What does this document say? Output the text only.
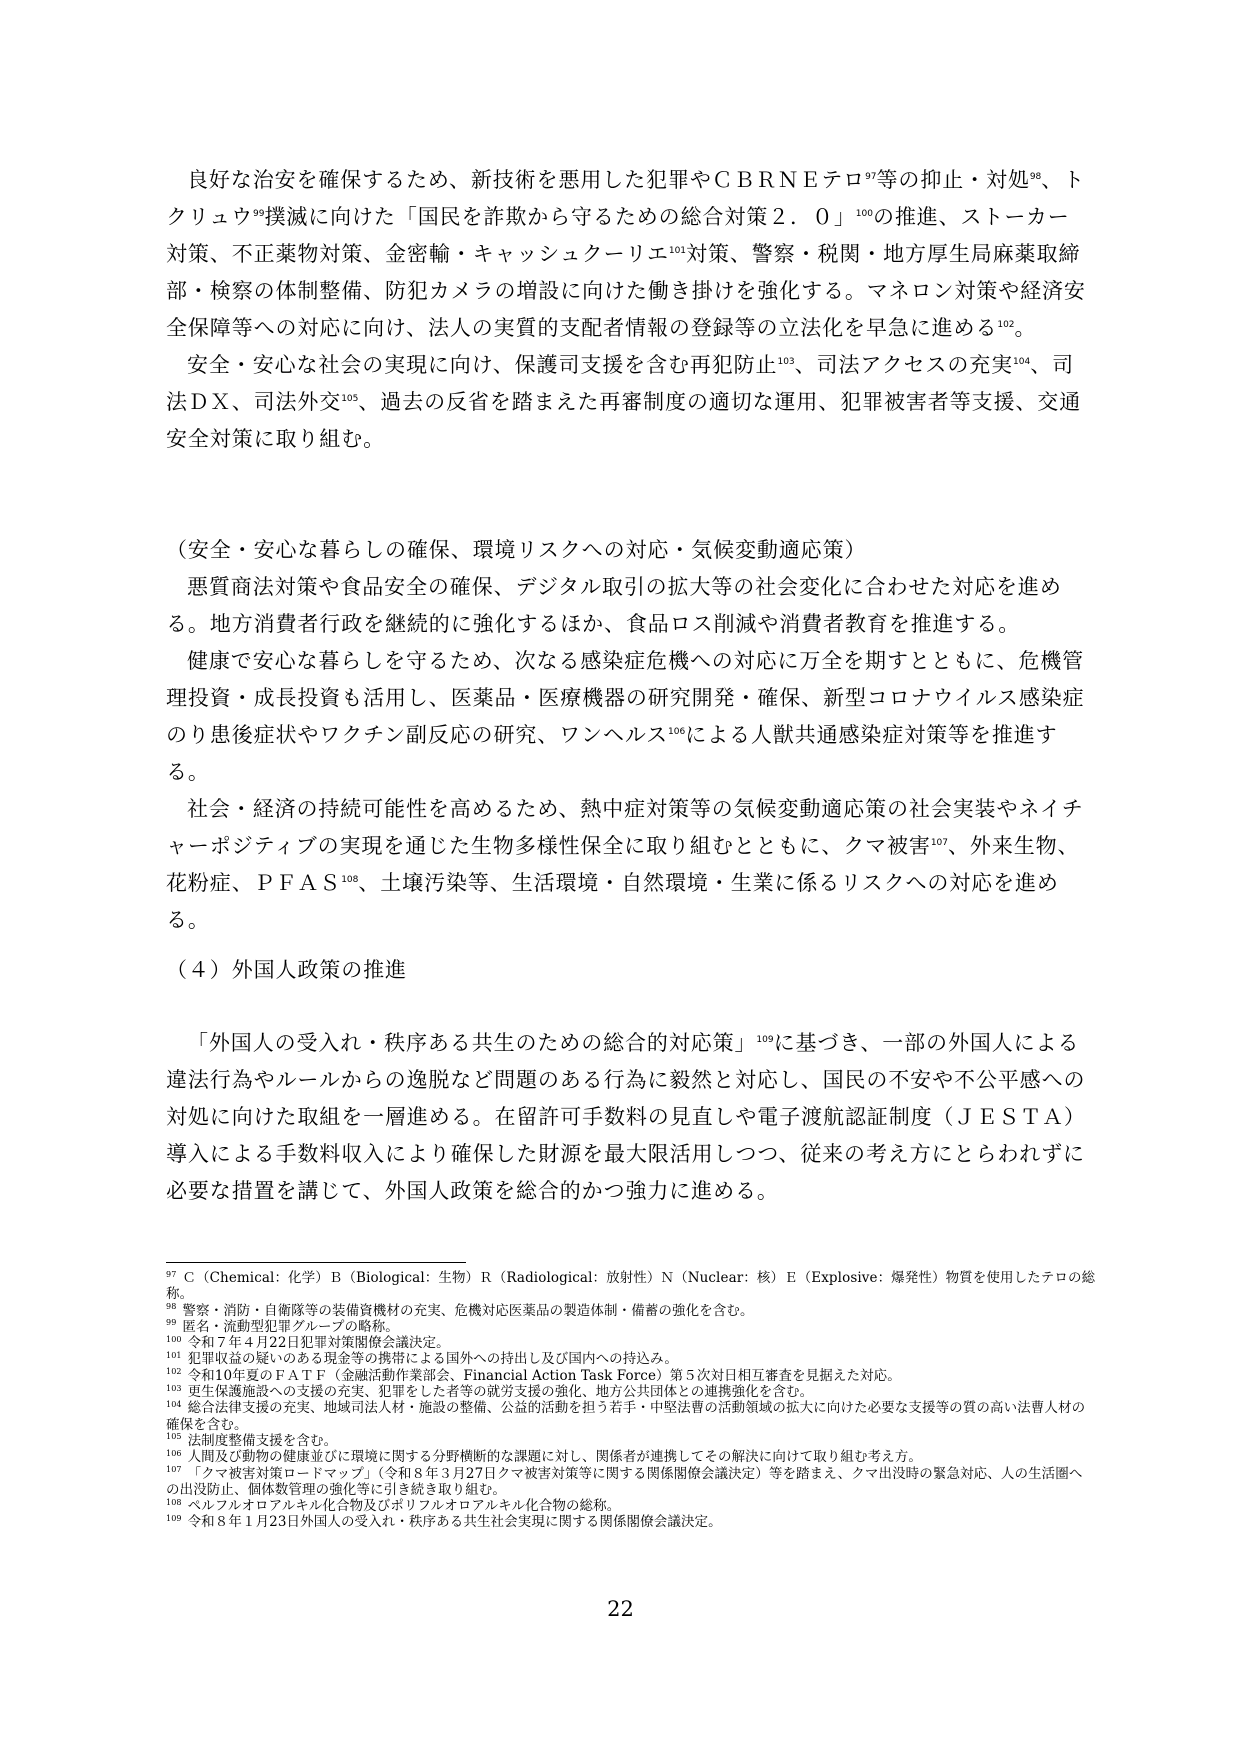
良好な治安を確保するため、新技術を悪用した犯罪やＣＢＲＮＥテロ$^{97}$等の抑止・対処$^{98}$、トクリュウ$^{99}$撲滅に向けた「国民を詐欺から守るための総合対策２．０」$^{100}$の推進、ストーカー対策、不正薬物対策、金密輸・キャッシュクーリエ$^{101}$対策、警察・税関・地方厚生局麻薬取締部・検察の体制整備、防犯カメラの増設に向けた働き掛けを強化する。マネロン対策や経済安全保障等への対応に向け、法人の実質的支配者情報の登録等の立法化を早急に進める$^{102}$。

安全・安心な社会の実現に向け、保護司支援を含む再犯防止$^{103}$、司法アクセスの充実$^{104}$、司法ＤＸ、司法外交$^{105}$、過去の反省を踏まえた再審制度の適切な運用、犯罪被害者等支援、交通安全対策に取り組む。

（安全・安心な暮らしの確保、環境リスクへの対応・気候変動適応策）

悪質商法対策や食品安全の確保、デジタル取引の拡大等の社会変化に合わせた対応を進める。地方消費者行政を継続的に強化するほか、食品ロス削減や消費者教育を推進する。

健康で安心な暮らしを守るため、次なる感染症危機への対応に万全を期すとともに、危機管理投資・成長投資も活用し、医薬品・医療機器の研究開発・確保、新型コロナウイルス感染症のり患後症状やワクチン副反応の研究、ワンヘルス$^{106}$による人獣共通感染症対策等を推進する。

社会・経済の持続可能性を高めるため、熱中症対策等の気候変動適応策の社会実装やネイチャーポジティブの実現を通じた生物多様性保全に取り組むとともに、クマ被害$^{107}$、外来生物、花粉症、ＰＦＡＳ$^{108}$、土壌汚染等、生活環境・自然環境・生業に係るリスクへの対応を進める。

（４）外国人政策の推進

「外国人の受入れ・秩序ある共生のための総合的対応策」$^{109}$に基づき、一部の外国人による違法行為やルールからの逸脱など問題のある行為に毅然と対応し、国民の不安や不公平感への対処に向けた取組を一層進める。在留許可手数料の見直しや電子渡航認証制度（ＪＥＳＴＡ）導入による手数料収入により確保した財源を最大限活用しつつ、従来の考え方にとらわれずに必要な措置を講じて、外国人政策を総合的かつ強力に進める。

$^{97}$ Ｃ（Chemical：化学）Ｂ（Biological：生物）Ｒ（Radiological：放射性）Ｎ（Nuclear：核）Ｅ（Explosive：爆発性）物質を使用したテロの総称。

$^{98}$ 警察・消防・自衛隊等の装備資機材の充実、危機対応医薬品の製造体制・備蓄の強化を含む。

$^{99}$ 匿名・流動型犯罪グループの略称。

$^{100}$ 令和７年４月22日犯罪対策閣僚会議決定。

$^{101}$ 犯罪収益の疑いのある現金等の携帯による国外への持出し及び国内への持込み。

$^{102}$ 令和10年夏のＦＡＴＦ（金融活動作業部会、Financial Action Task Force）第５次対日相互審査を見据えた対応。

$^{103}$ 更生保護施設への支援の充実、犯罪をした者等の就労支援の強化、地方公共団体との連携強化を含む。

$^{104}$ 総合法律支援の充実、地域司法人材・施設の整備、公益的活動を担う若手・中堅法曹の活動領域の拡大に向けた必要な支援等の質の高い法曹人材の確保を含む。

$^{105}$ 法制度整備支援を含む。

$^{106}$ 人間及び動物の健康並びに環境に関する分野横断的な課題に対し、関係者が連携してその解決に向けて取り組む考え方。

$^{107}$ 「クマ被害対策ロードマップ」（令和８年３月27日クマ被害対策等に関する関係閣僚会議決定）等を踏まえ、クマ出没時の緊急対応、人の生活圏への出没防止、個体数管理の強化等に引き続き取り組む。

$^{108}$ ペルフルオロアルキル化合物及びポリフルオロアルキル化合物の総称。

$^{109}$ 令和８年１月23日外国人の受入れ・秩序ある共生社会実現に関する関係閣僚会議決定。

22
